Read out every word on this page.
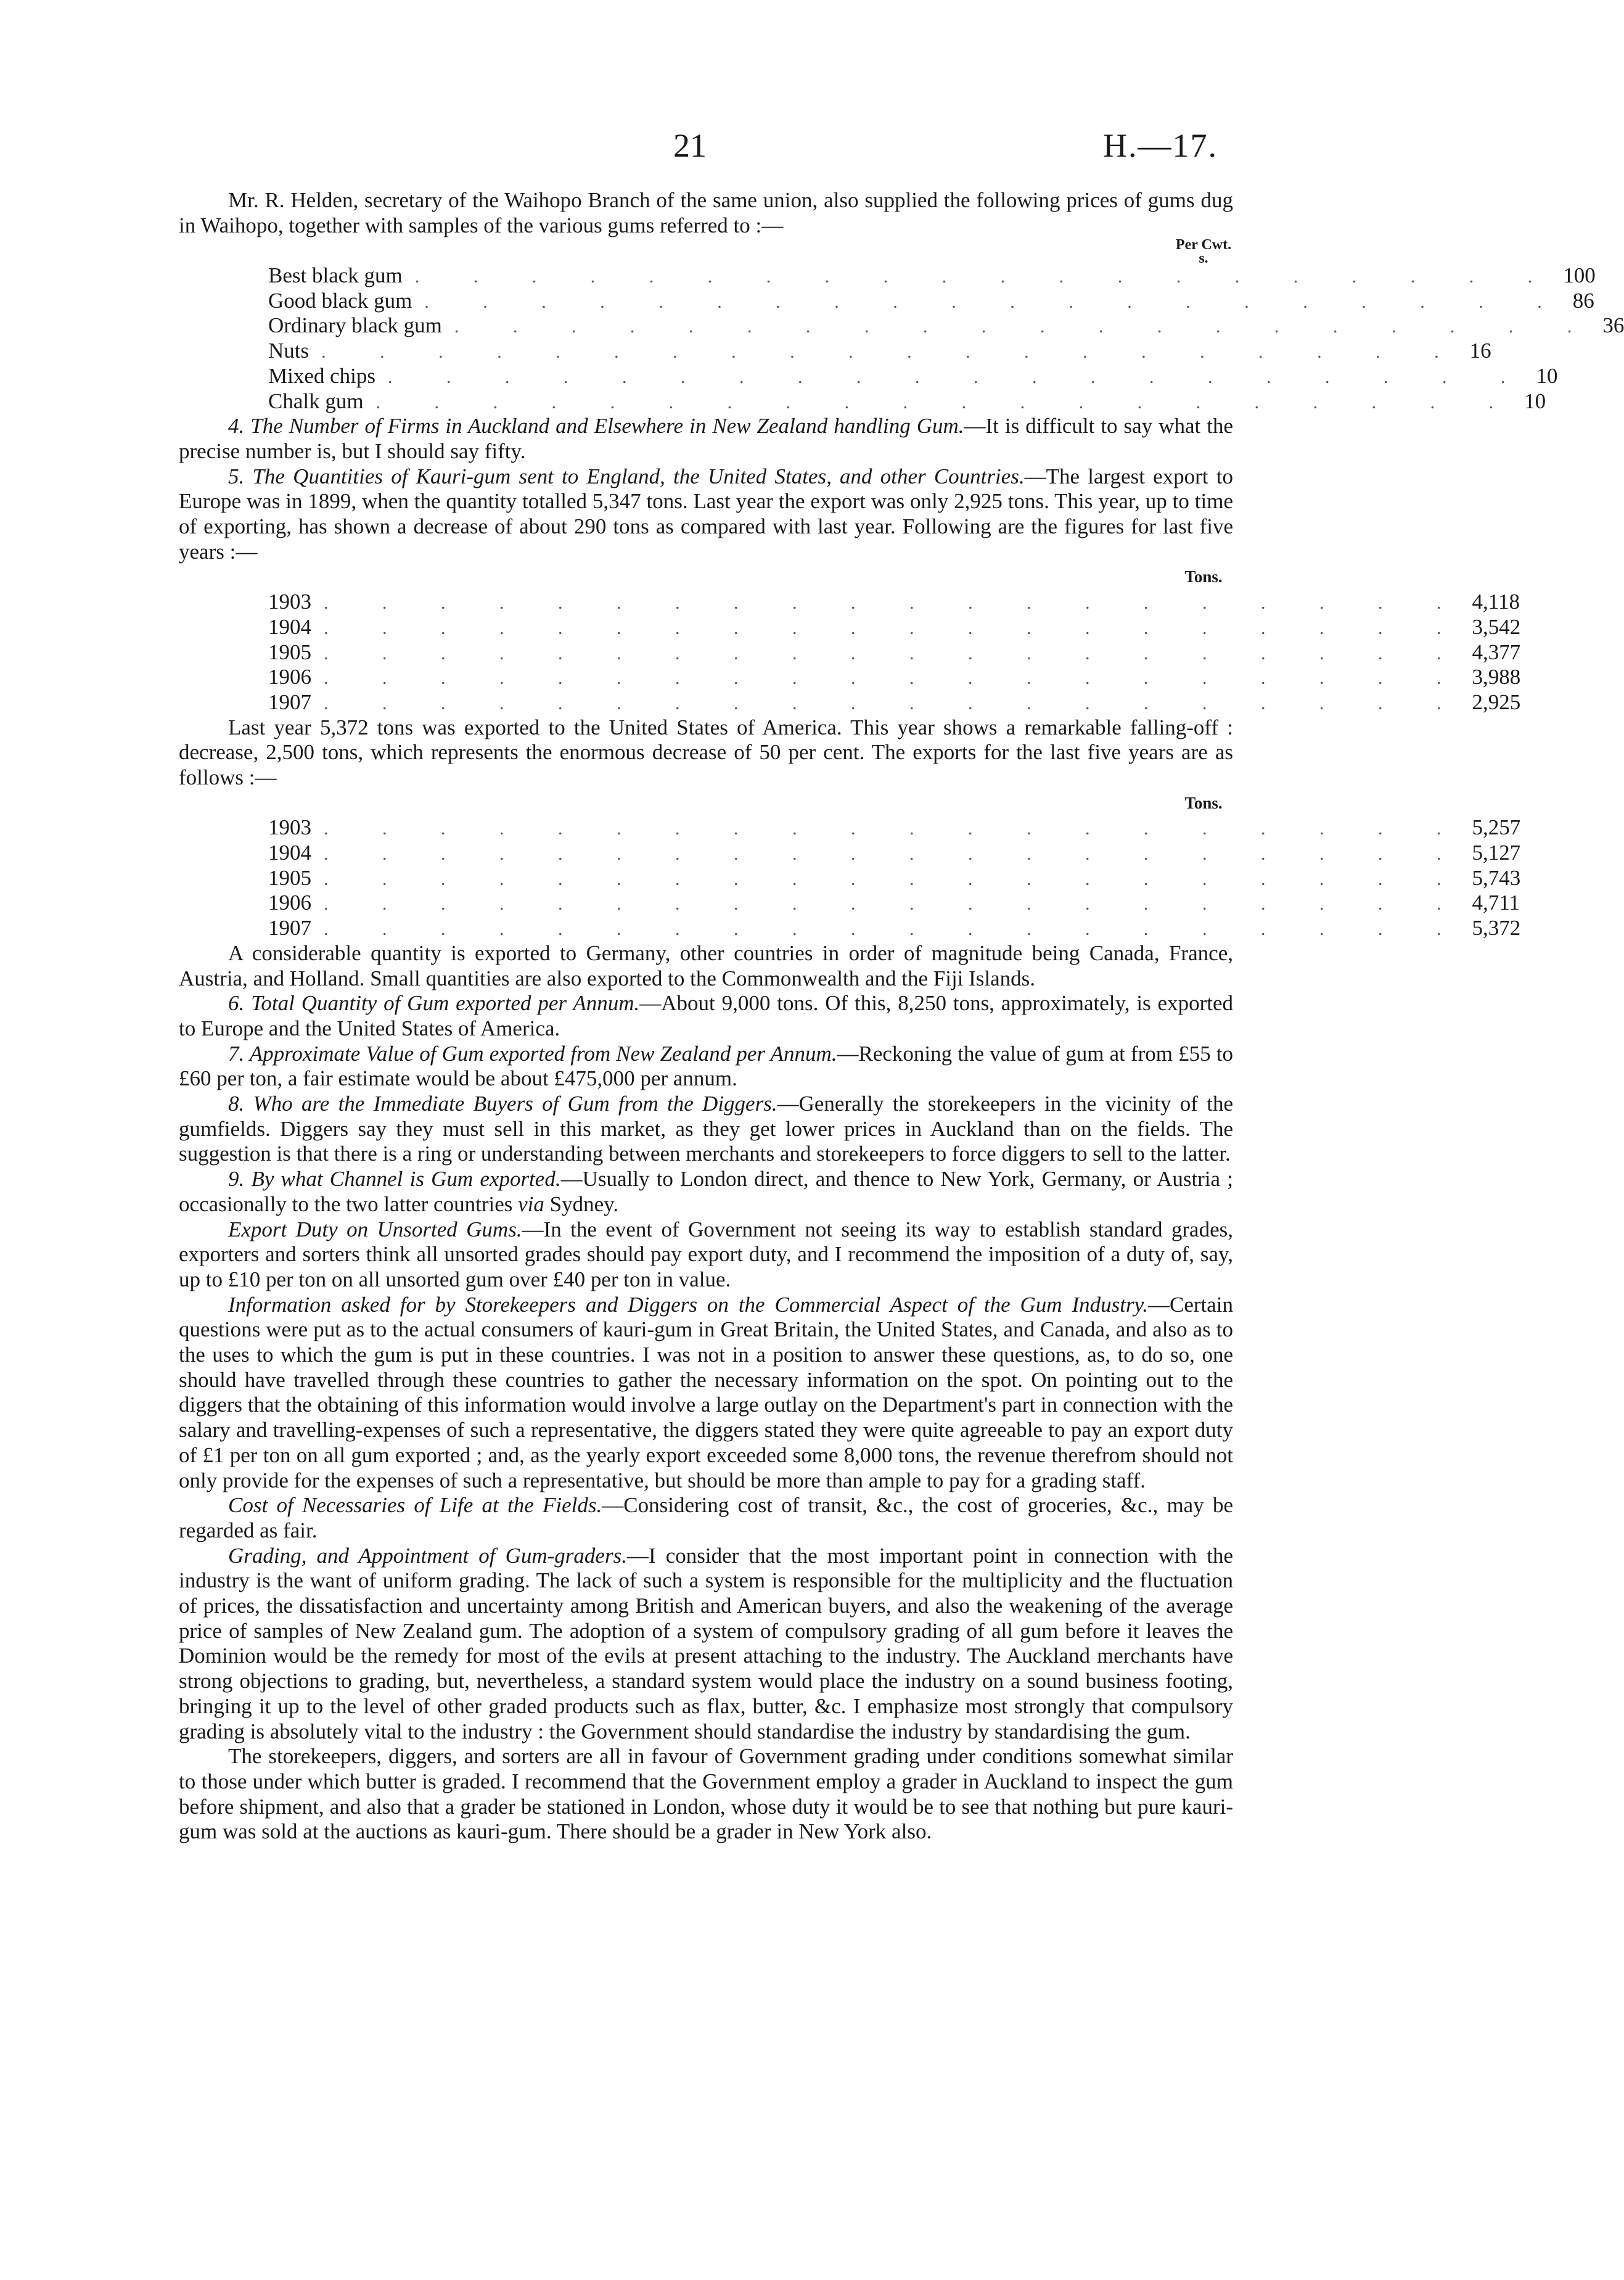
21	H.—17.

Mr. R. Helden, secretary of the Waihopo Branch of the same union, also supplied the following prices of gums dug in Waihopo, together with samples of the various gums referred to :—

Per Cwt.
s.
Best black gum . . . . . . . . . . . . . . . . . . . . 100
Good black gum . . . . . . . . . . . . . . . . . . . . 86
Ordinary black gum . . . . . . . . . . . . . . . . . . . . 36
Nuts . . . . . . . . . . . . . . . . . . . . 16
Mixed chips . . . . . . . . . . . . . . . . . . . . 10
Chalk gum . . . . . . . . . . . . . . . . . . . . 10

4. The Number of Firms in Auckland and Elsewhere in New Zealand handling Gum.—It is difficult to say what the precise number is, but I should say fifty.

5. The Quantities of Kauri-gum sent to England, the United States, and other Countries.—The largest export to Europe was in 1899, when the quantity totalled 5,347 tons. Last year the export was only 2,925 tons. This year, up to time of exporting, has shown a decrease of about 290 tons as compared with last year. Following are the figures for last five years :—

Tons.
1903 . . . . . . . . . . . . . . . . . . . . 4,118
1904 . . . . . . . . . . . . . . . . . . . . 3,542
1905 . . . . . . . . . . . . . . . . . . . . 4,377
1906 . . . . . . . . . . . . . . . . . . . . 3,988
1907 . . . . . . . . . . . . . . . . . . . . 2,925

Last year 5,372 tons was exported to the United States of America. This year shows a remarkable falling-off : decrease, 2,500 tons, which represents the enormous decrease of 50 per cent. The exports for the last five years are as follows :—

Tons.
1903 . . . . . . . . . . . . . . . . . . . . 5,257
1904 . . . . . . . . . . . . . . . . . . . . 5,127
1905 . . . . . . . . . . . . . . . . . . . . 5,743
1906 . . . . . . . . . . . . . . . . . . . . 4,711
1907 . . . . . . . . . . . . . . . . . . . . 5,372

A considerable quantity is exported to Germany, other countries in order of magnitude being Canada, France, Austria, and Holland. Small quantities are also exported to the Commonwealth and the Fiji Islands.

6. Total Quantity of Gum exported per Annum.—About 9,000 tons. Of this, 8,250 tons, approximately, is exported to Europe and the United States of America.

7. Approximate Value of Gum exported from New Zealand per Annum.—Reckoning the value of gum at from £55 to £60 per ton, a fair estimate would be about £475,000 per annum.

8. Who are the Immediate Buyers of Gum from the Diggers.—Generally the storekeepers in the vicinity of the gumfields. Diggers say they must sell in this market, as they get lower prices in Auckland than on the fields. The suggestion is that there is a ring or understanding between merchants and storekeepers to force diggers to sell to the latter.

9. By what Channel is Gum exported.—Usually to London direct, and thence to New York, Germany, or Austria ; occasionally to the two latter countries via Sydney.

Export Duty on Unsorted Gums.—In the event of Government not seeing its way to establish standard grades, exporters and sorters think all unsorted grades should pay export duty, and I recommend the imposition of a duty of, say, up to £10 per ton on all unsorted gum over £40 per ton in value.

Information asked for by Storekeepers and Diggers on the Commercial Aspect of the Gum Industry.—Certain questions were put as to the actual consumers of kauri-gum in Great Britain, the United States, and Canada, and also as to the uses to which the gum is put in these countries. I was not in a position to answer these questions, as, to do so, one should have travelled through these countries to gather the necessary information on the spot. On pointing out to the diggers that the obtaining of this information would involve a large outlay on the Department's part in connection with the salary and travelling-expenses of such a representative, the diggers stated they were quite agreeable to pay an export duty of £1 per ton on all gum exported ; and, as the yearly export exceeded some 8,000 tons, the revenue therefrom should not only provide for the expenses of such a representative, but should be more than ample to pay for a grading staff.

Cost of Necessaries of Life at the Fields.—Considering cost of transit, &c., the cost of groceries, &c., may be regarded as fair.

Grading, and Appointment of Gum-graders.—I consider that the most important point in connection with the industry is the want of uniform grading. The lack of such a system is responsible for the multiplicity and the fluctuation of prices, the dissatisfaction and uncertainty among British and American buyers, and also the weakening of the average price of samples of New Zealand gum. The adoption of a system of compulsory grading of all gum before it leaves the Dominion would be the remedy for most of the evils at present attaching to the industry. The Auckland merchants have strong objections to grading, but, nevertheless, a standard system would place the industry on a sound business footing, bringing it up to the level of other graded products such as flax, butter, &c. I emphasize most strongly that compulsory grading is absolutely vital to the industry : the Government should standardise the industry by standardising the gum.

The storekeepers, diggers, and sorters are all in favour of Government grading under conditions somewhat similar to those under which butter is graded. I recommend that the Government employ a grader in Auckland to inspect the gum before shipment, and also that a grader be stationed in London, whose duty it would be to see that nothing but pure kauri-gum was sold at the auctions as kauri-gum. There should be a grader in New York also.
